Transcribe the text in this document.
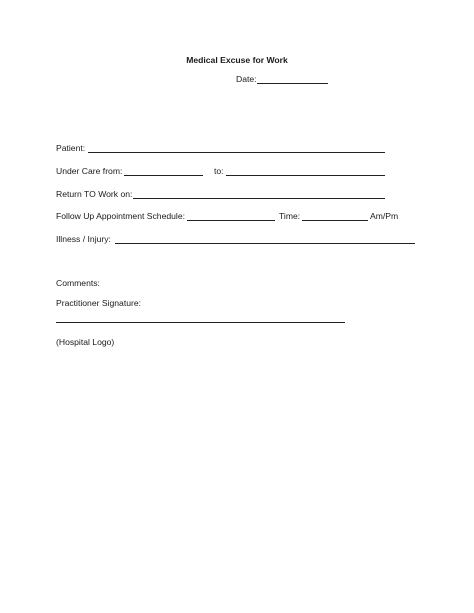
Medical Excuse for Work
Date:
Patient:
Under Care from:	to:
Return TO Work on:
Follow Up Appointment Schedule:	Time:	Am/Pm
Illness / Injury:
Comments:
Practitioner Signature:
(Hospital Logo)
